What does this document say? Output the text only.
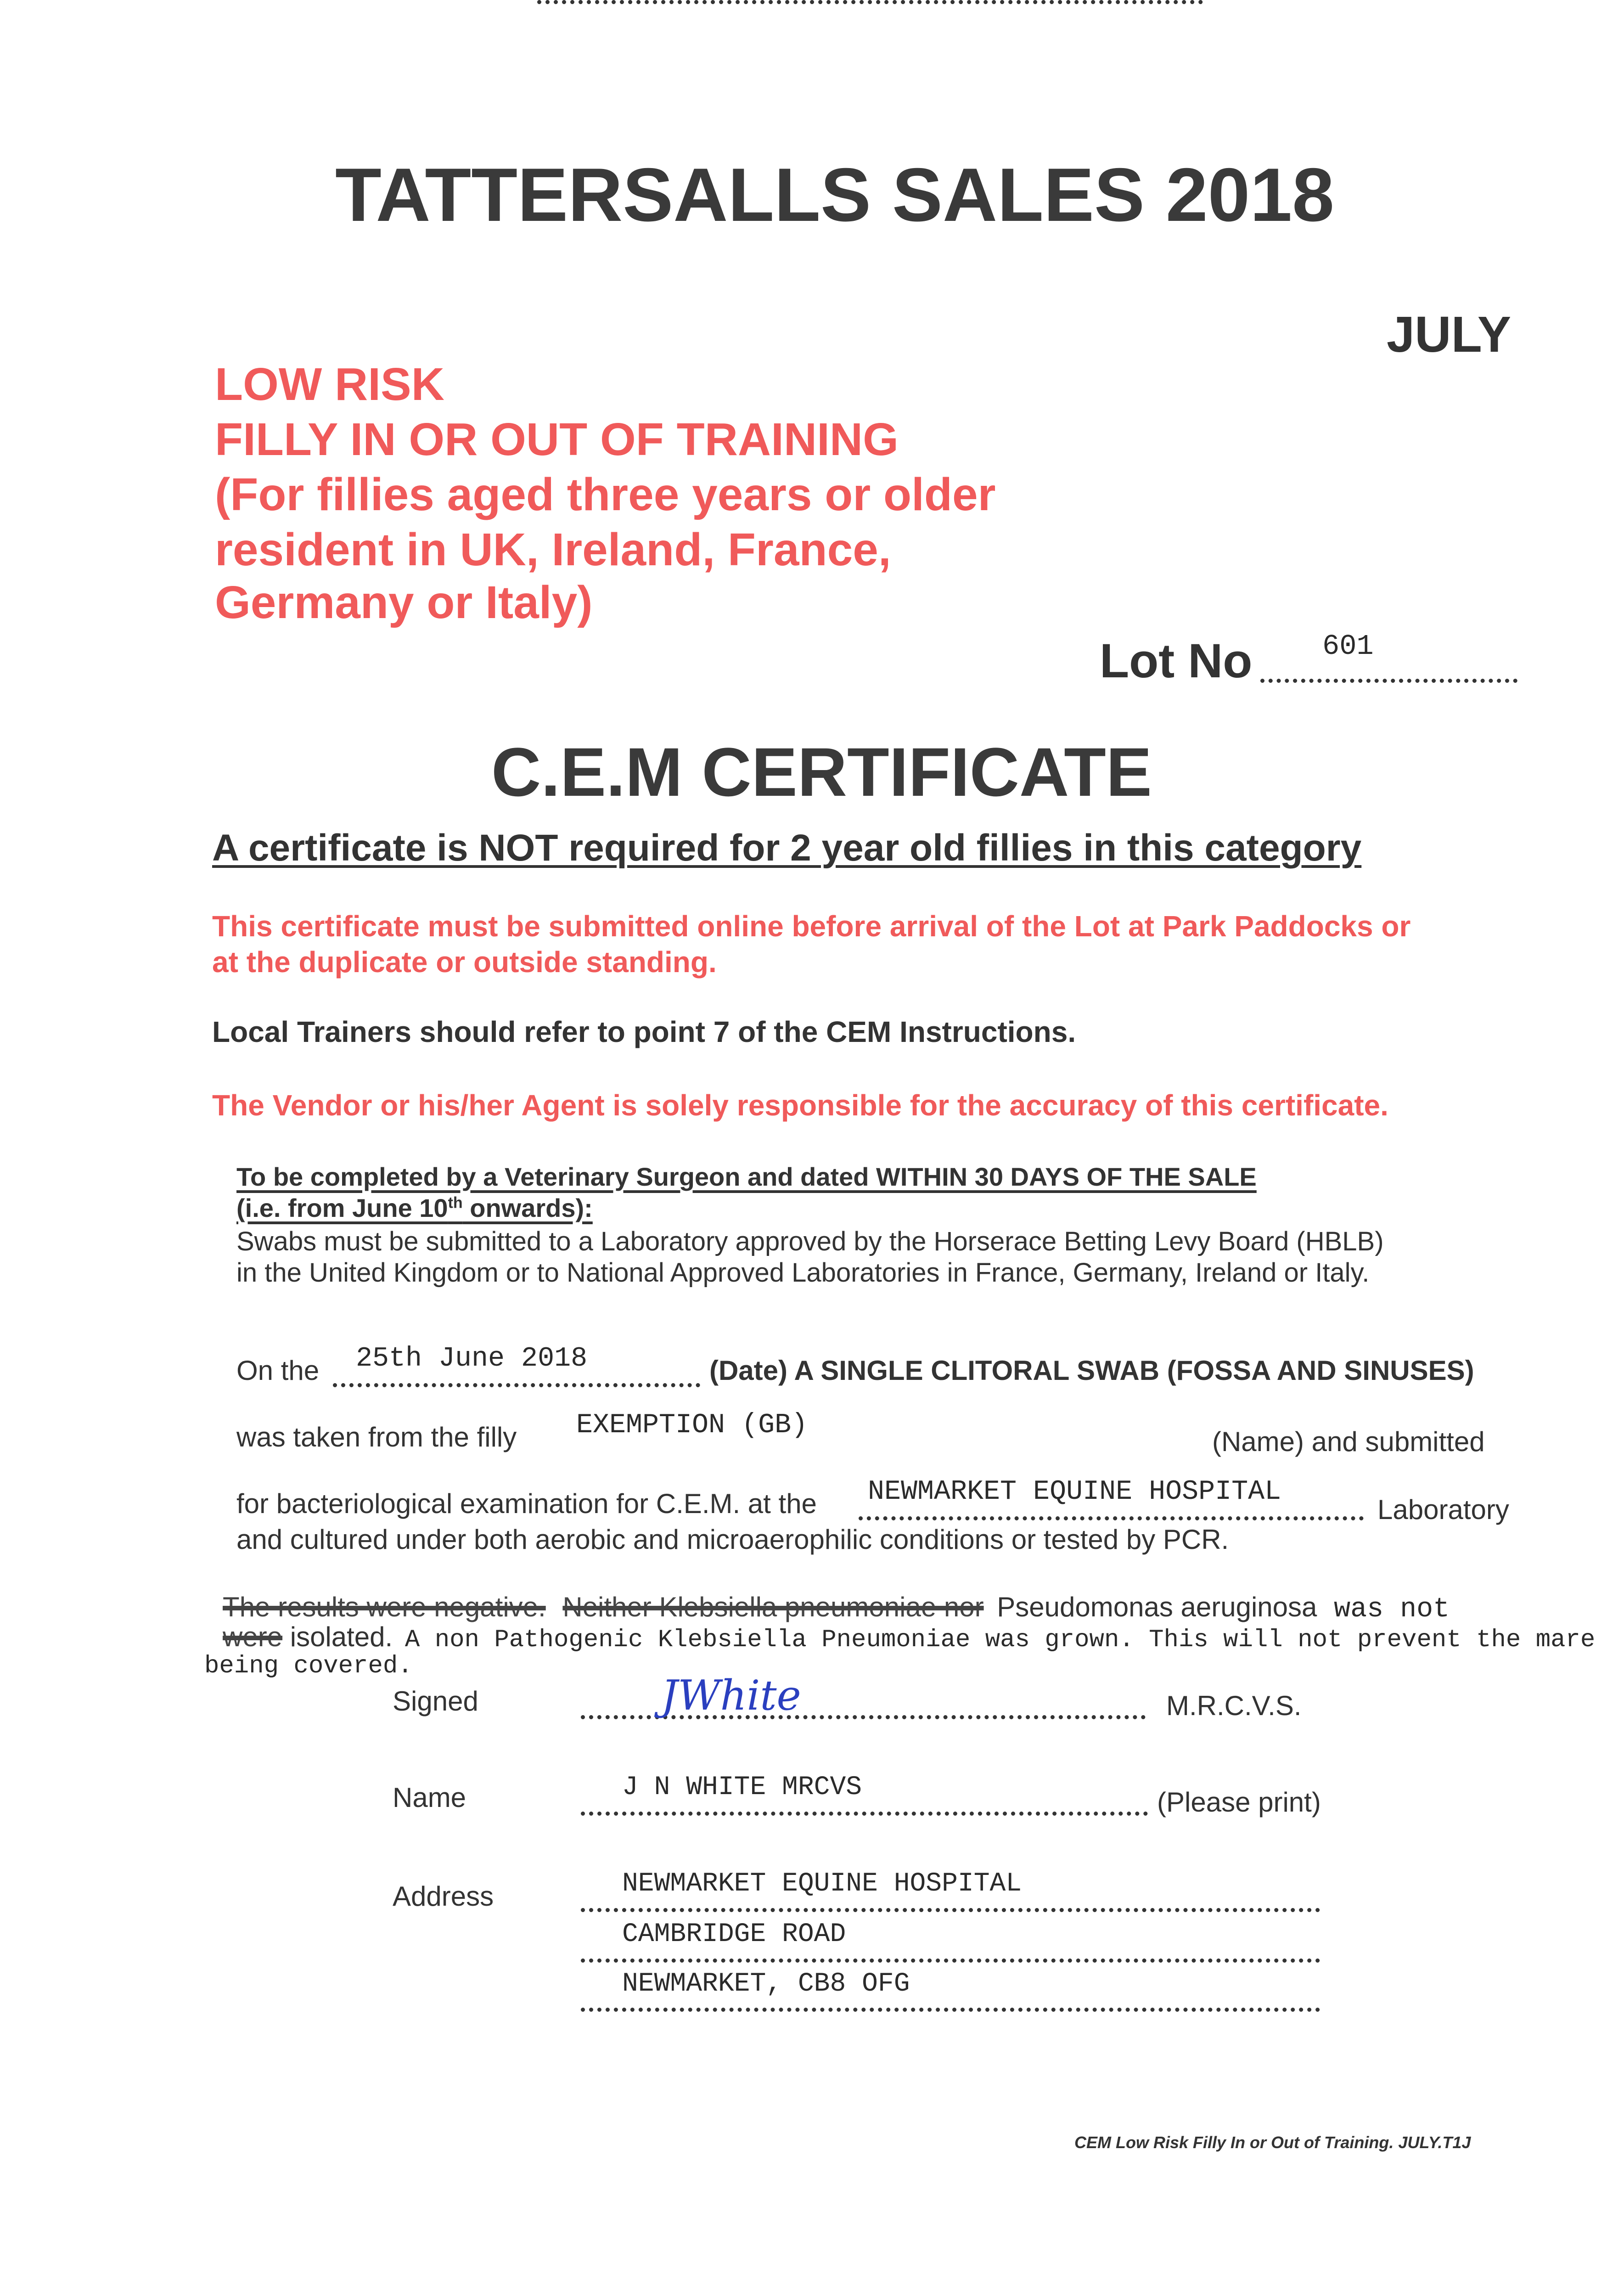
TATTERSALLS SALES 2018
JULY
LOW RISK
FILLY IN OR OUT OF TRAINING
(For fillies aged three years or older
resident in UK, Ireland, France,
Germany or Italy)
Lot No 601
C.E.M CERTIFICATE
A certificate is NOT required for 2 year old fillies in this category
This certificate must be submitted online before arrival of the Lot at Park Paddocks or
at the duplicate or outside standing.
Local Trainers should refer to point 7 of the CEM Instructions.
The Vendor or his/her Agent is solely responsible for the accuracy of this certificate.
To be completed by a Veterinary Surgeon and dated WITHIN 30 DAYS OF THE SALE
(i.e. from June 10th onwards):
Swabs must be submitted to a Laboratory approved by the Horserace Betting Levy Board (HBLB)
in the United Kingdom or to National Approved Laboratories in France, Germany, Ireland or Italy.
On the 25th June 2018	(Date) A SINGLE CLITORAL SWAB (FOSSA AND SINUSES)
was taken from the filly EXEMPTION (GB)
(Name) and submitted
for bacteriological examination for C.E.M. at the NEWMARKET EQUINE HOSPITAL
Laboratory
and cultured under both aerobic and microaerophilic conditions or tested by PCR.
The results were negative. Neither Klebsiella pneumoniae nor Pseudomonas aeruginosa was not
were isolated. A non Pathogenic Klebsiella Pneumoniae was grown. This will not prevent the mare
being covered.
Signed	JWhite	M.R.C.V.S.
Name	J N WHITE MRCVS	(Please print)
Address	NEWMARKET EQUINE HOSPITAL
CAMBRIDGE ROAD
NEWMARKET, CB8 OFG
CEM Low Risk Filly In or Out of Training. JULY.T1J
